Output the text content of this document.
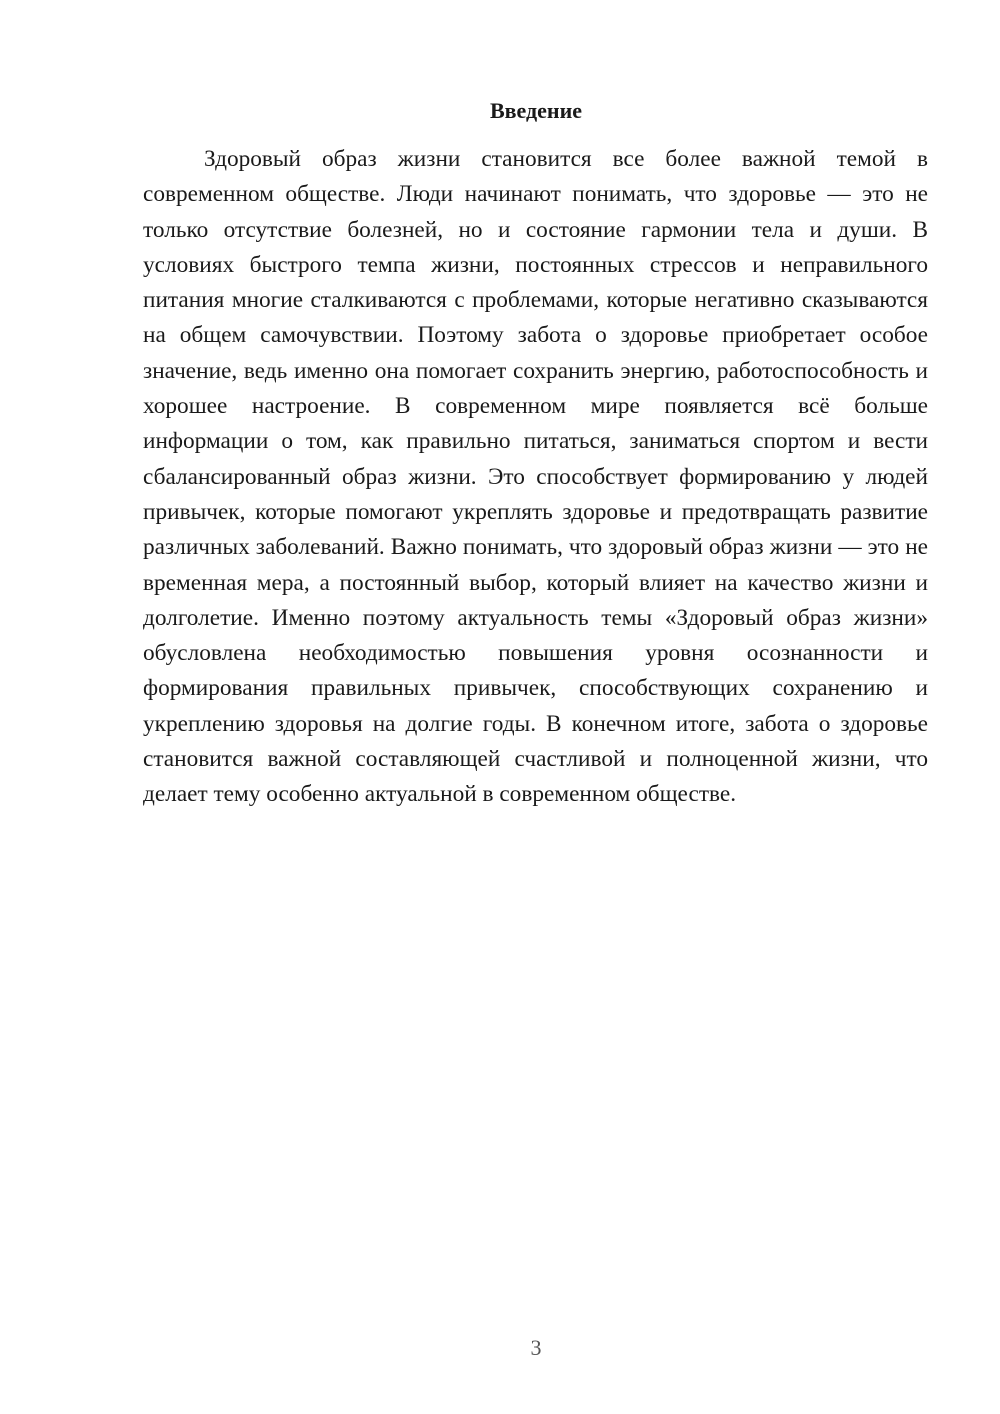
Введение

Здоровый образ жизни становится все более важной темой в современном обществе. Люди начинают понимать, что здоровье — это не только отсутствие болезней, но и состояние гармонии тела и души. В условиях быстрого темпа жизни, постоянных стрессов и неправильного питания многие сталкиваются с проблемами, которые негативно сказываются на общем самочувствии. Поэтому забота о здоровье приобретает особое значение, ведь именно она помогает сохранить энергию, работоспособность и хорошее настроение. В современном мире появляется всё больше информации о том, как правильно питаться, заниматься спортом и вести сбалансированный образ жизни. Это способствует формированию у людей привычек, которые помогают укреплять здоровье и предотвращать развитие различных заболеваний. Важно понимать, что здоровый образ жизни — это не временная мера, а постоянный выбор, который влияет на качество жизни и долголетие. Именно поэтому актуальность темы «Здоровый образ жизни» обусловлена необходимостью повышения уровня осознанности и формирования правильных привычек, способствующих сохранению и укреплению здоровья на долгие годы. В конечном итоге, забота о здоровье становится важной составляющей счастливой и полноценной жизни, что делает тему особенно актуальной в современном обществе.

3
